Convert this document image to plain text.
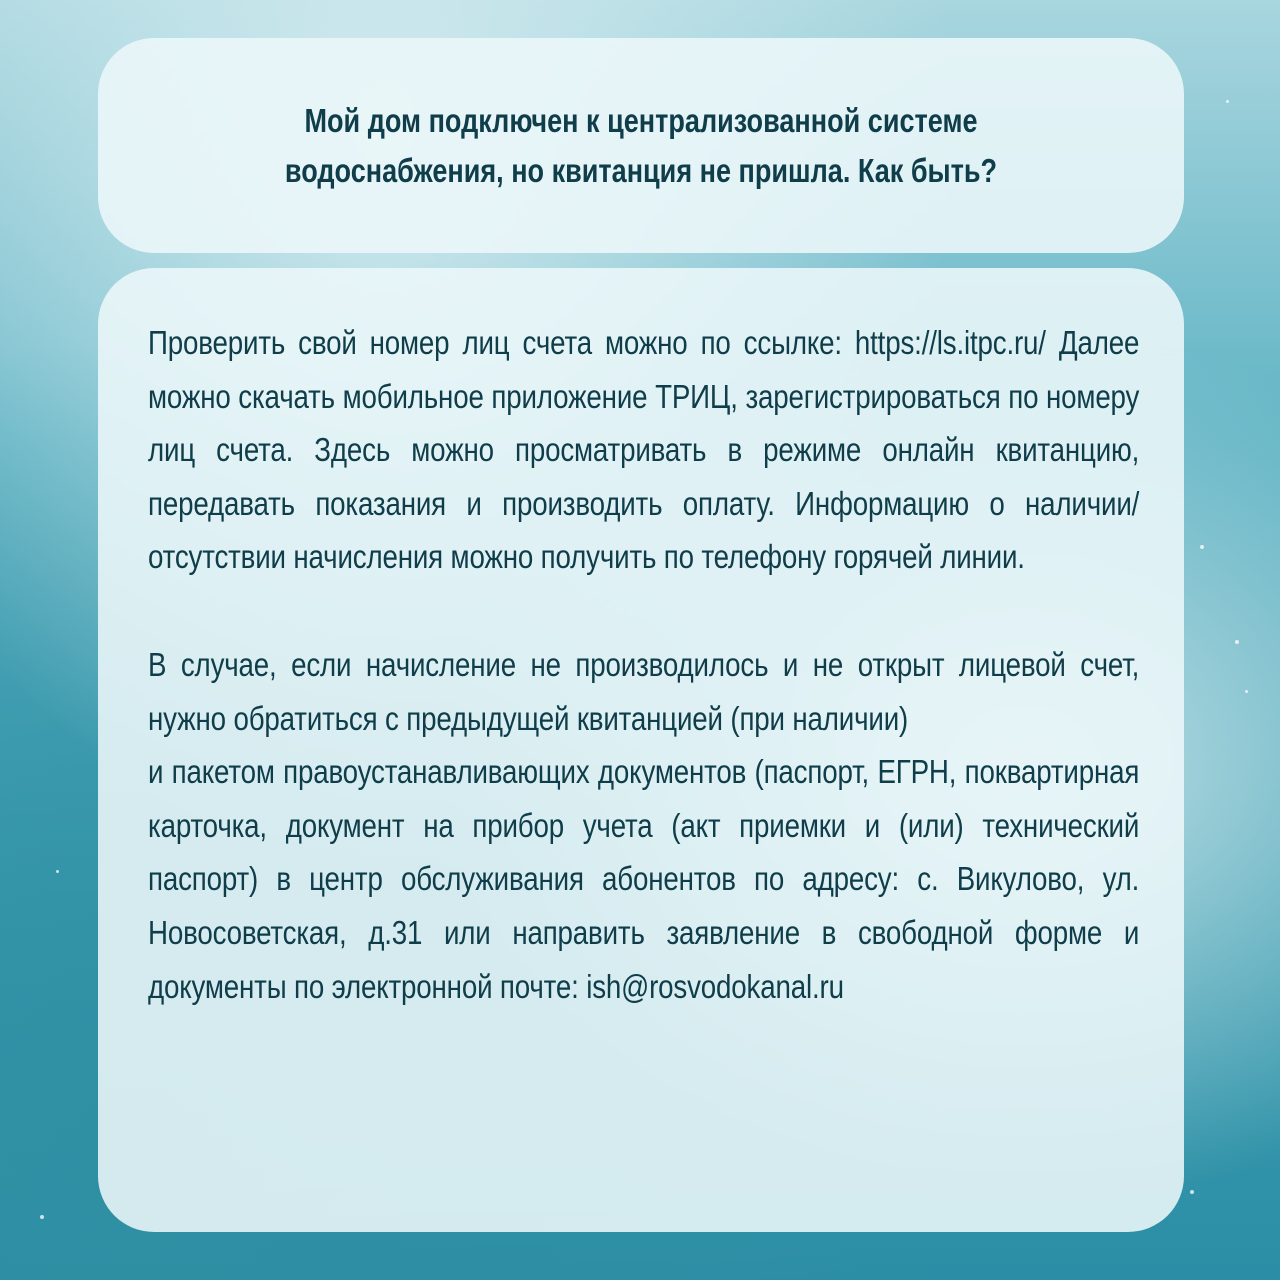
Мой дом подключен к централизованной системе водоснабжения, но квитанция не пришла. Как быть?

Проверить свой номер лиц счета можно по ссылке: https://ls.itpc.ru/ Далее можно скачать мобильное приложение ТРИЦ, зарегистрироваться по номеру лиц счета. Здесь можно просматривать в режиме онлайн квитанцию, передавать показания и производить оплату. Информацию о наличии/отсутствии начисления можно получить по телефону горячей линии.

В случае, если начисление не производилось и не открыт лицевой счет, нужно обратиться с предыдущей квитанцией (при наличии)

и пакетом правоустанавливающих документов (паспорт, ЕГРН, поквартирная карточка, документ на прибор учета (акт приемки и (или) технический паспорт) в центр обслуживания абонентов по адресу: с. Викулово, ул. Новосоветская, д.31 или направить заявление в свободной форме и документы по электронной почте: ish@rosvodokanal.ru
